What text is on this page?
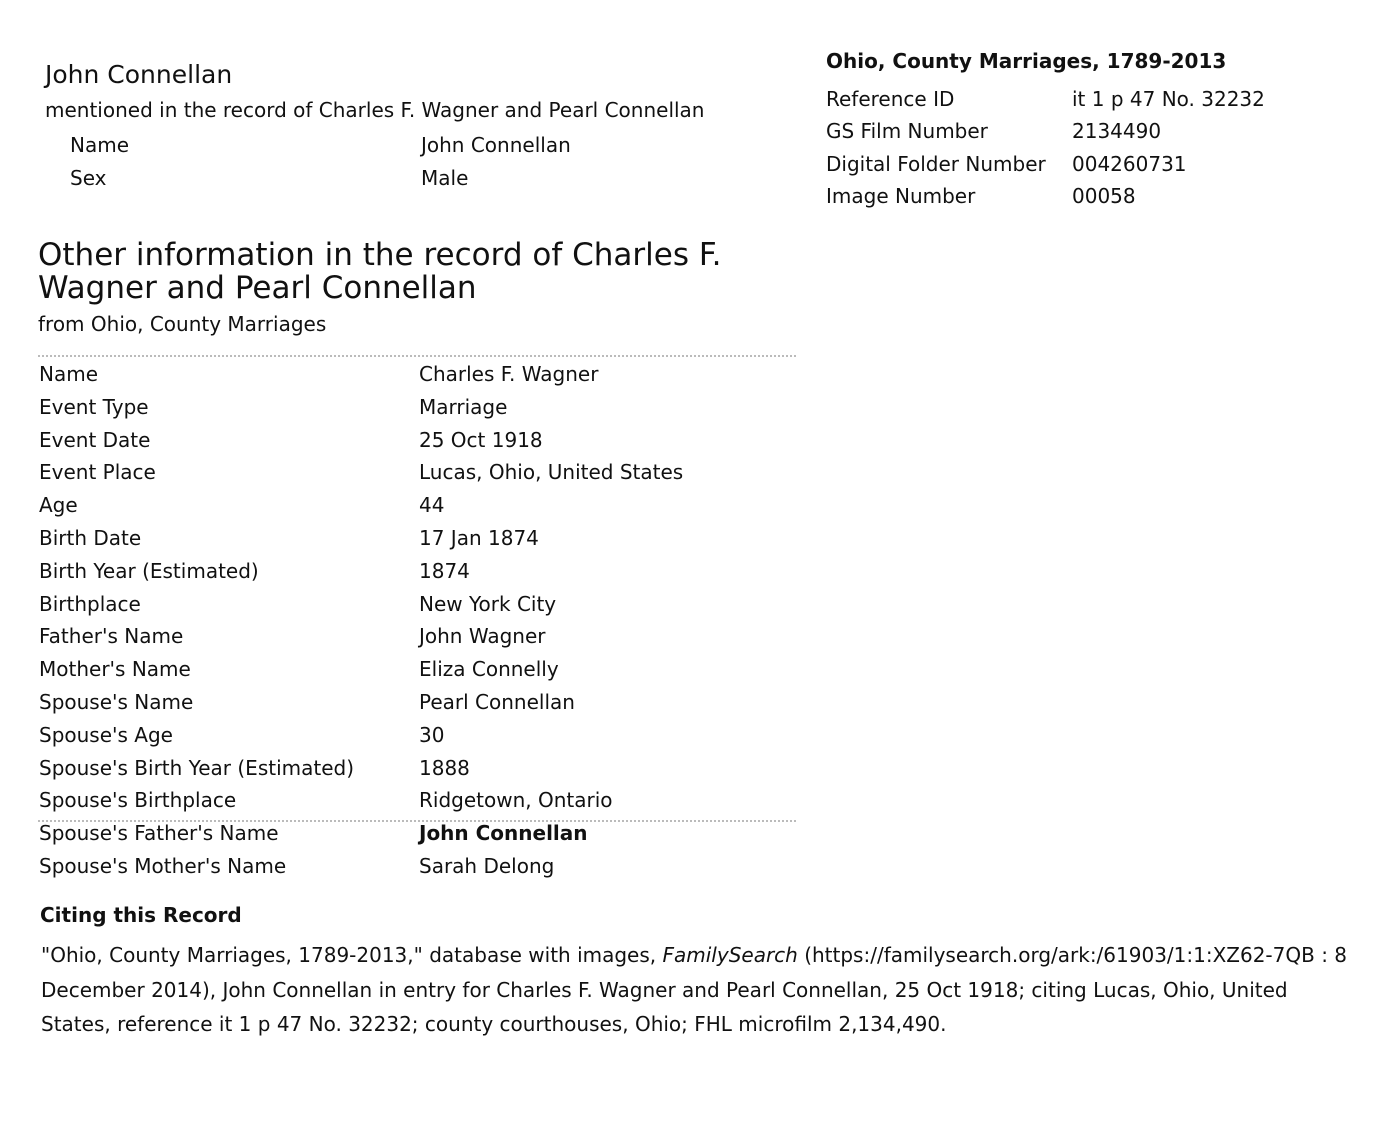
John Connellan
mentioned in the record of Charles F. Wagner and Pearl Connellan
Name	John Connellan
Sex	Male
Ohio, County Marriages, 1789-2013
Reference ID	it 1 p 47 No. 32232
GS Film Number	2134490
Digital Folder Number 004260731
Image Number	00058
Other information in the record of Charles F.
Wagner and Pearl Connellan
from Ohio, County Marriages
Name	Charles F. Wagner
Event Type	Marriage
Event Date	25 Oct 1918
Event Place	Lucas, Ohio, United States
Age	44
Birth Date	17 Jan 1874
Birth Year (Estimated)	1874
Birthplace	New York City
Father's Name	John Wagner
Mother's Name	Eliza Connelly
Spouse's Name	Pearl Connellan
Spouse's Age	30
Spouse's Birth Year (Estimated)	1888
Spouse's Birthplace	Ridgetown, Ontario
Spouse's Father's Name	John Connellan
Spouse's Mother's Name	Sarah Delong
Citing this Record
"Ohio, County Marriages, 1789-2013," database with images, FamilySearch (https://familysearch.org/ark:/61903/1:1:XZ62-7QB : 8 December 2014), John Connellan in entry for Charles F. Wagner and Pearl Connellan, 25 Oct 1918; citing Lucas, Ohio, United States, reference it 1 p 47 No. 32232; county courthouses, Ohio; FHL microfilm 2,134,490.
